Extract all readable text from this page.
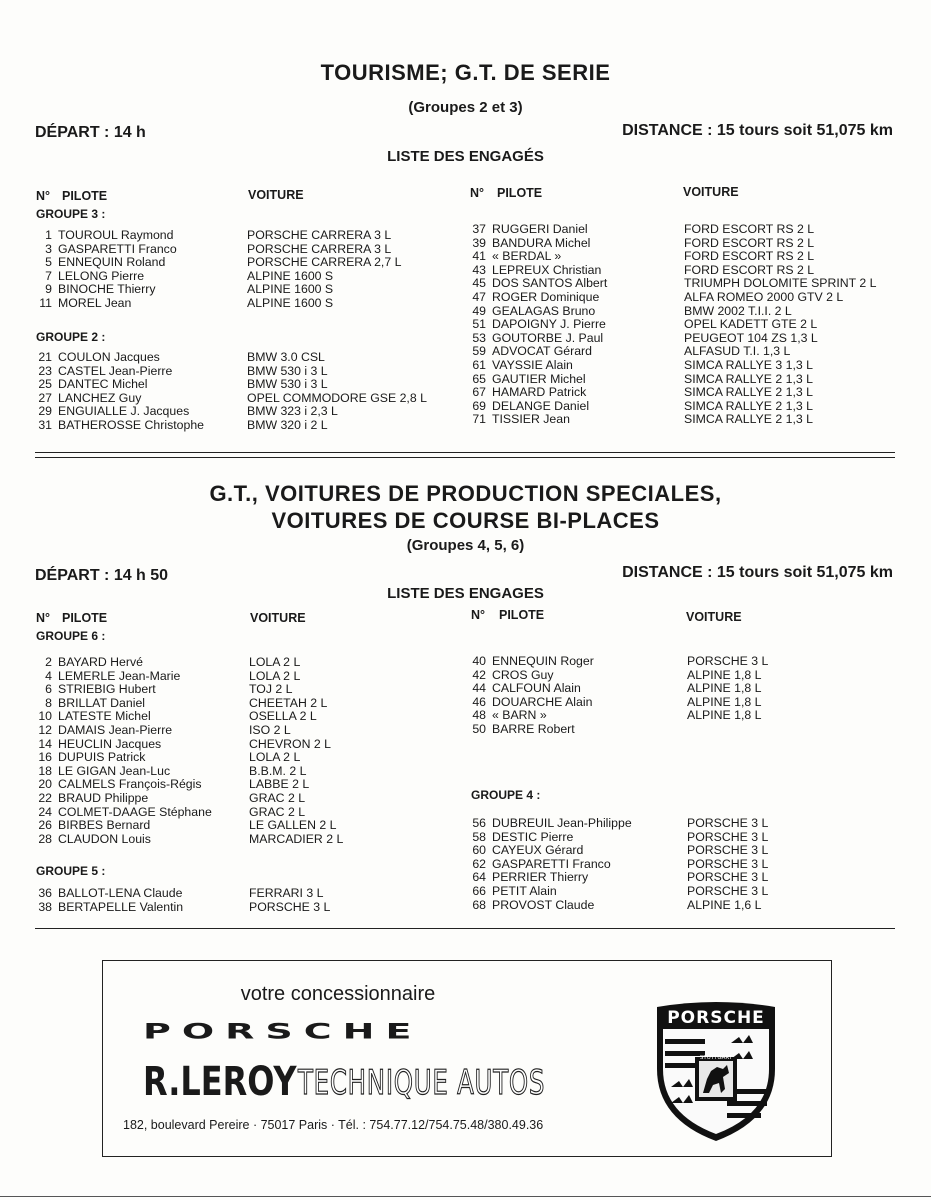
TOURISME; G.T. DE SERIE
(Groupes 2 et 3)
DÉPART : 14 h	DISTANCE : 15 tours soit 51,075 km
LISTE DES ENGAGÉS
N° PILOTE	VOITURE	N° PILOTE	VOITURE
GROUPE 3 :
1 TOUROUL Raymond	PORSCHE CARRERA 3 L
3 GASPARETTI Franco	PORSCHE CARRERA 3 L
5 ENNEQUIN Roland	PORSCHE CARRERA 2,7 L
7 LELONG Pierre	ALPINE 1600 S
9 BINOCHE Thierry	ALPINE 1600 S
11 MOREL Jean	ALPINE 1600 S
GROUPE 2 :
21 COULON Jacques	BMW 3.0 CSL
23 CASTEL Jean-Pierre	BMW 530 i 3 L
25 DANTEC Michel	BMW 530 i 3 L
27 LANCHEZ Guy	OPEL COMMODORE GSE 2,8 L
29 ENGUIALLE J. Jacques	BMW 323 i 2,3 L
31 BATHEROSSE Christophe	BMW 320 i 2 L
37 RUGGERI Daniel	FORD ESCORT RS 2 L
39 BANDURA Michel	FORD ESCORT RS 2 L
41 « BERDAL »	FORD ESCORT RS 2 L
43 LEPREUX Christian	FORD ESCORT RS 2 L
45 DOS SANTOS Albert	TRIUMPH DOLOMITE SPRINT 2 L
47 ROGER Dominique	ALFA ROMEO 2000 GTV 2 L
49 GEALAGAS Bruno	BMW 2002 T.I.I. 2 L
51 DAPOIGNY J. Pierre	OPEL KADETT GTE 2 L
53 GOUTORBE J. Paul	PEUGEOT 104 ZS 1,3 L
59 ADVOCAT Gérard	ALFASUD T.I. 1,3 L
61 VAYSSIE Alain	SIMCA RALLYE 3 1,3 L
65 GAUTIER Michel	SIMCA RALLYE 2 1,3 L
67 HAMARD Patrick	SIMCA RALLYE 2 1,3 L
69 DELANGE Daniel	SIMCA RALLYE 2 1,3 L
71 TISSIER Jean	SIMCA RALLYE 2 1,3 L
G.T., VOITURES DE PRODUCTION SPECIALES,
VOITURES DE COURSE BI-PLACES
(Groupes 4, 5, 6)
DÉPART : 14 h 50	DISTANCE : 15 tours soit 51,075 km
LISTE DES ENGAGES
N° PILOTE	VOITURE	N° PILOTE	VOITURE
GROUPE 6 :
2 BAYARD Hervé	LOLA 2 L
4 LEMERLE Jean-Marie	LOLA 2 L
6 STRIEBIG Hubert	TOJ 2 L
8 BRILLAT Daniel	CHEETAH 2 L
10 LATESTE Michel	OSELLA 2 L
12 DAMAIS Jean-Pierre	ISO 2 L
14 HEUCLIN Jacques	CHEVRON 2 L
16 DUPUIS Patrick	LOLA 2 L
18 LE GIGAN Jean-Luc	B.B.M. 2 L
20 CALMELS François-Régis	LABBE 2 L
22 BRAUD Philippe	GRAC 2 L
24 COLMET-DAAGE Stéphane	GRAC 2 L
26 BIRBES Bernard	LE GALLEN 2 L
28 CLAUDON Louis	MARCADIER 2 L
GROUPE 5 :
36 BALLOT-LENA Claude	FERRARI 3 L
38 BERTAPELLE Valentin	PORSCHE 3 L
40 ENNEQUIN Roger	PORSCHE 3 L
42 CROS Guy	ALPINE 1,8 L
44 CALFOUN Alain	ALPINE 1,8 L
46 DOUARCHE Alain	ALPINE 1,8 L
48 « BARN »	ALPINE 1,8 L
50 BARRE Robert
GROUPE 4 :
56 DUBREUIL Jean-Philippe	PORSCHE 3 L
58 DESTIC Pierre	PORSCHE 3 L
60 CAYEUX Gérard	PORSCHE 3 L
62 GASPARETTI Franco	PORSCHE 3 L
64 PERRIER Thierry	PORSCHE 3 L
66 PETIT Alain	PORSCHE 3 L
68 PROVOST Claude	ALPINE 1,6 L
votre concessionnaire
PORSCHE
R.LEROY TECHNIQUE AUTOS
182, boulevard Pereire · 75017 Paris · Tél. : 754.77.12/754.75.48/380.49.36
PORSCHE
STUTTGART
